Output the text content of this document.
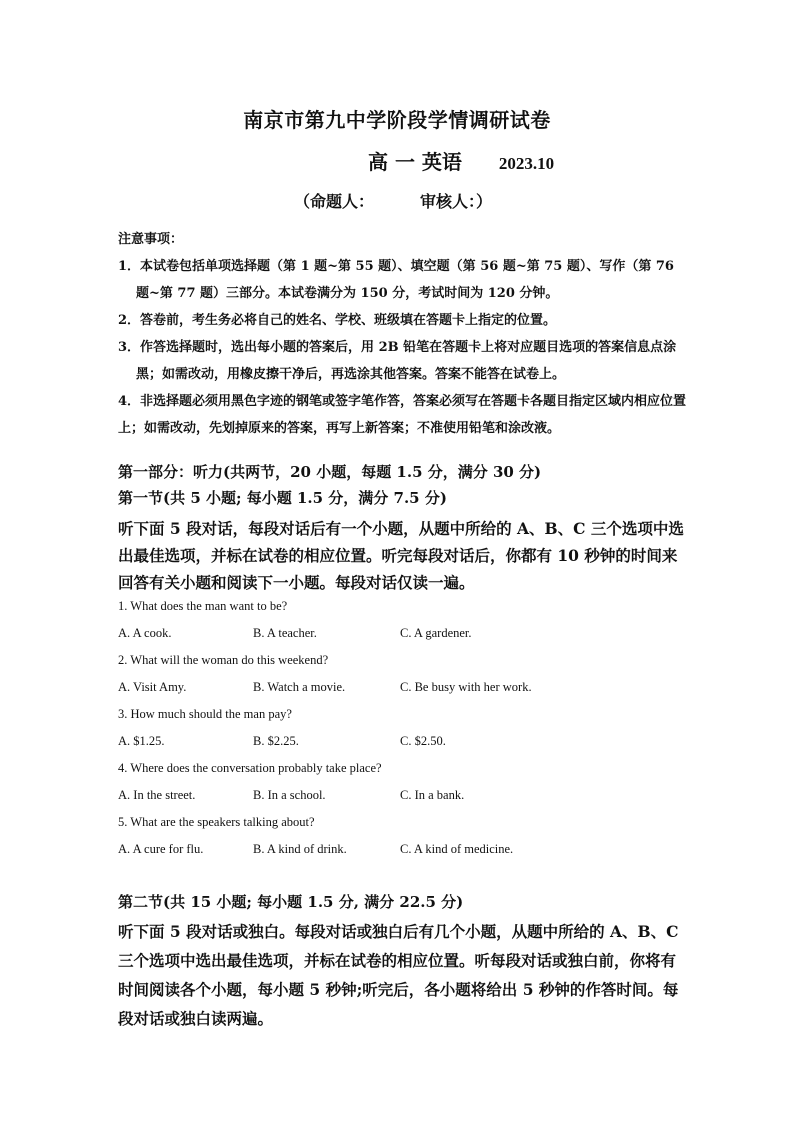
南京市第九中学阶段学情调研试卷
高 一 英语 2023.10
（命题人：	审核人：）

注意事项：

1．本试卷包括单项选择题（第 1 题~第 55 题）、填空题（第 56 题~第 75 题）、写作（第 76 题~第 77 题）三部分。本试卷满分为 150 分，考试时间为 120 分钟。

2．答卷前，考生务必将自己的姓名、学校、班级填在答题卡上指定的位置。

3．作答选择题时，选出每小题的答案后，用 2B 铅笔在答题卡上将对应题目选项的答案信息点涂黑；如需改动，用橡皮擦干净后，再选涂其他答案。答案不能答在试卷上。

4．非选择题必须用黑色字迹的钢笔或签字笔作答，答案必须写在答题卡各题目指定区域内相应位置上；如需改动，先划掉原来的答案，再写上新答案；不准使用铅笔和涂改液。

第一部分：听力(共两节，20 小题，每题 1.5 分，满分 30 分)
第一节(共 5 小题; 每小题 1.5 分，满分 7.5 分)
听下面 5 段对话，每段对话后有一个小题，从题中所给的 A、B、C 三个选项中选出最佳选项，并标在试卷的相应位置。听完每段对话后，你都有 10 秒钟的时间来回答有关小题和阅读下一小题。每段对话仅读一遍。
1. What does the man want to be?
A. A cook.	B. A teacher.	C. A gardener.
2. What will the woman do this weekend?
A. Visit Amy.	B. Watch a movie.	C. Be busy with her work.
3. How much should the man pay?
A. $1.25.	B. $2.25.	C. $2.50.
4. Where does the conversation probably take place?
A. In the street.	B. In a school.	C. In a bank.
5. What are the speakers talking about?
A. A cure for flu.	B. A kind of drink.	C. A kind of medicine.
第二节(共 15 小题; 每小题 1.5 分, 满分 22.5 分)
听下面 5 段对话或独白。每段对话或独白后有几个小题，从题中所给的 A、B、C 三个选项中选出最佳选项，并标在试卷的相应位置。听每段对话或独白前，你将有时间阅读各个小题，每小题 5 秒钟;听完后，各小题将给出 5 秒钟的作答时间。每段对话或独白读两遍。
